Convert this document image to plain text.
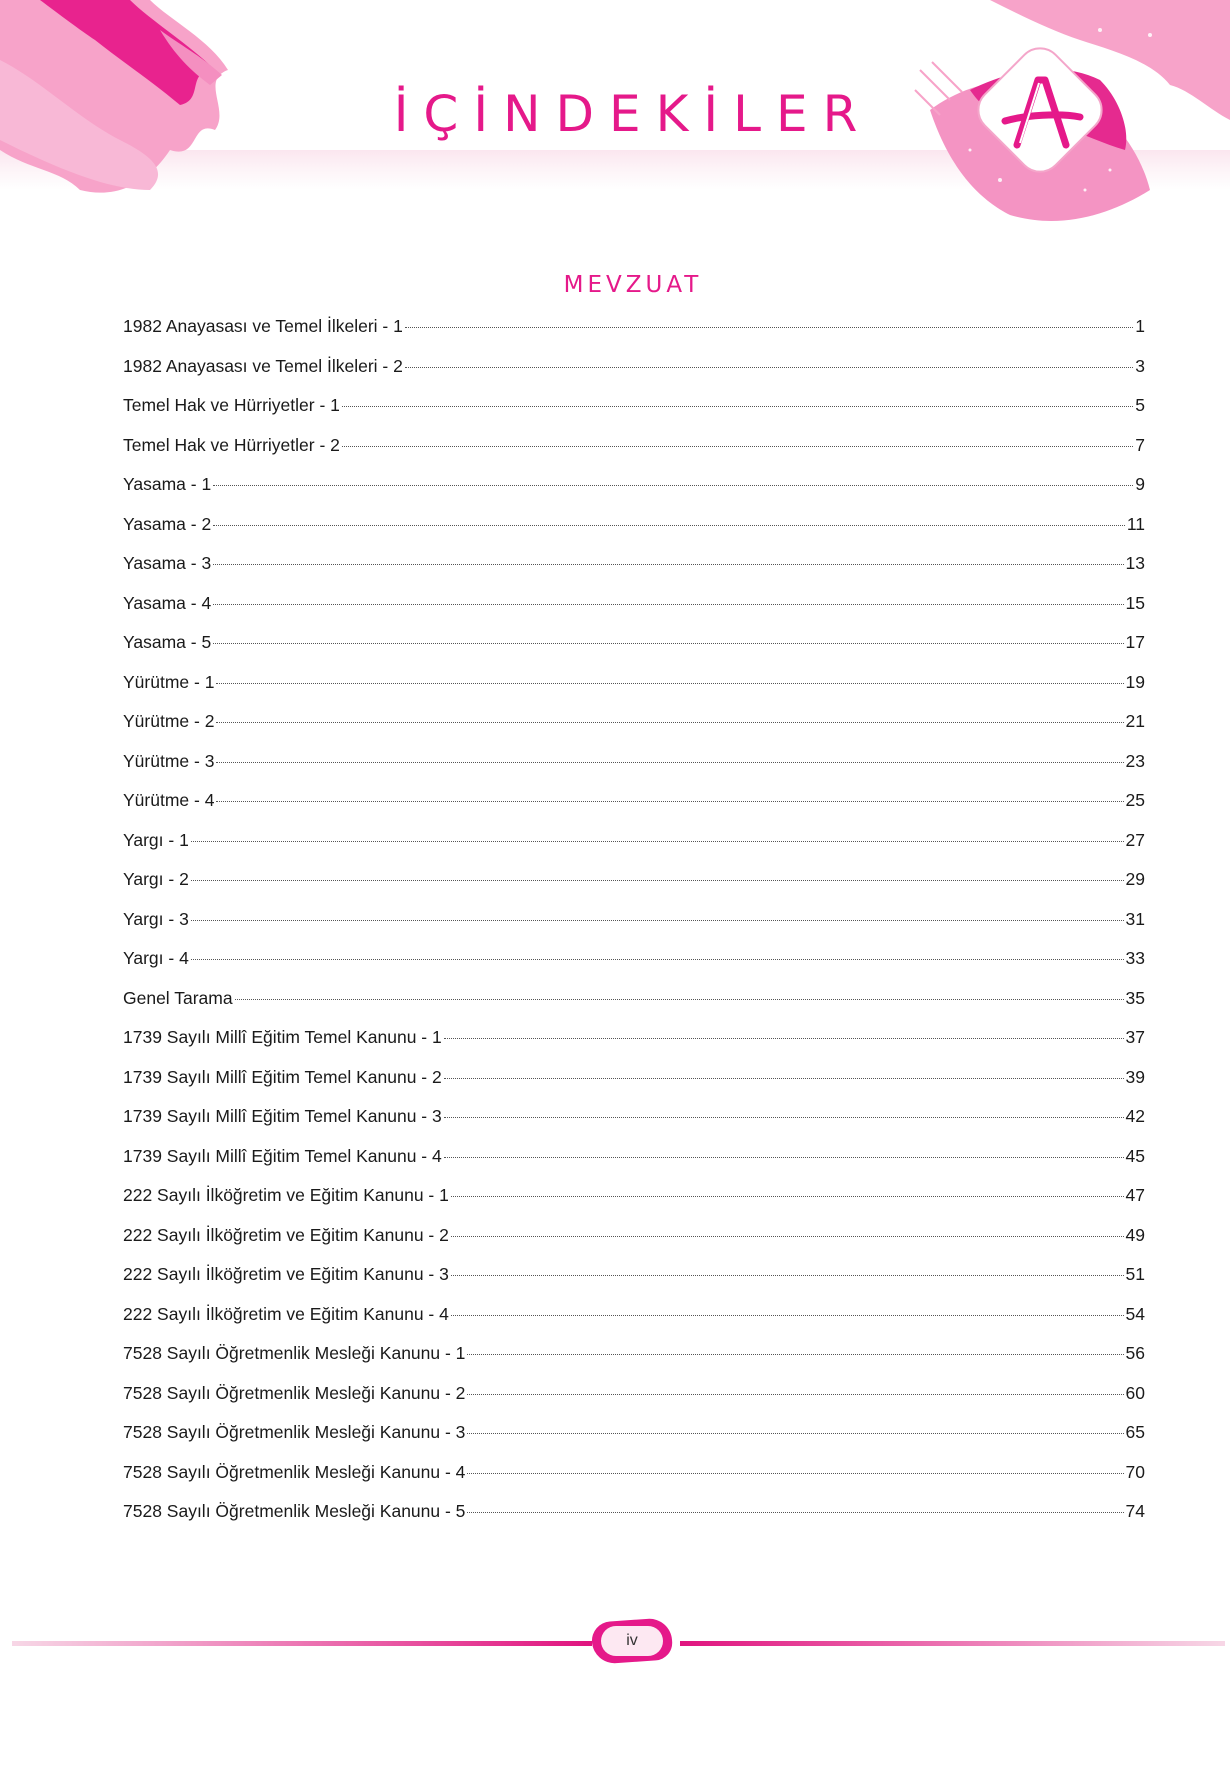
İÇİNDEKİLER
A
MEVZUAT
1982 Anayasası ve Temel İlkeleri - 1	1
1982 Anayasası ve Temel İlkeleri - 2	3
Temel Hak ve Hürriyetler - 1	5
Temel Hak ve Hürriyetler - 2	7
Yasama - 1	9
Yasama - 2	11
Yasama - 3	13
Yasama - 4	15
Yasama - 5	17
Yürütme - 1	19
Yürütme - 2	21
Yürütme - 3	23
Yürütme - 4	25
Yargı - 1	27
Yargı - 2	29
Yargı - 3	31
Yargı - 4	33
Genel Tarama	35
1739 Sayılı Millî Eğitim Temel Kanunu - 1	37
1739 Sayılı Millî Eğitim Temel Kanunu - 2	39
1739 Sayılı Millî Eğitim Temel Kanunu - 3	42
1739 Sayılı Millî Eğitim Temel Kanunu - 4	45
222 Sayılı İlköğretim ve Eğitim Kanunu - 1	47
222 Sayılı İlköğretim ve Eğitim Kanunu - 2	49
222 Sayılı İlköğretim ve Eğitim Kanunu - 3	51
222 Sayılı İlköğretim ve Eğitim Kanunu - 4	54
7528 Sayılı Öğretmenlik Mesleği Kanunu - 1	56
7528 Sayılı Öğretmenlik Mesleği Kanunu - 2	60
7528 Sayılı Öğretmenlik Mesleği Kanunu - 3	65
7528 Sayılı Öğretmenlik Mesleği Kanunu - 4	70
7528 Sayılı Öğretmenlik Mesleği Kanunu - 5	74
iv
